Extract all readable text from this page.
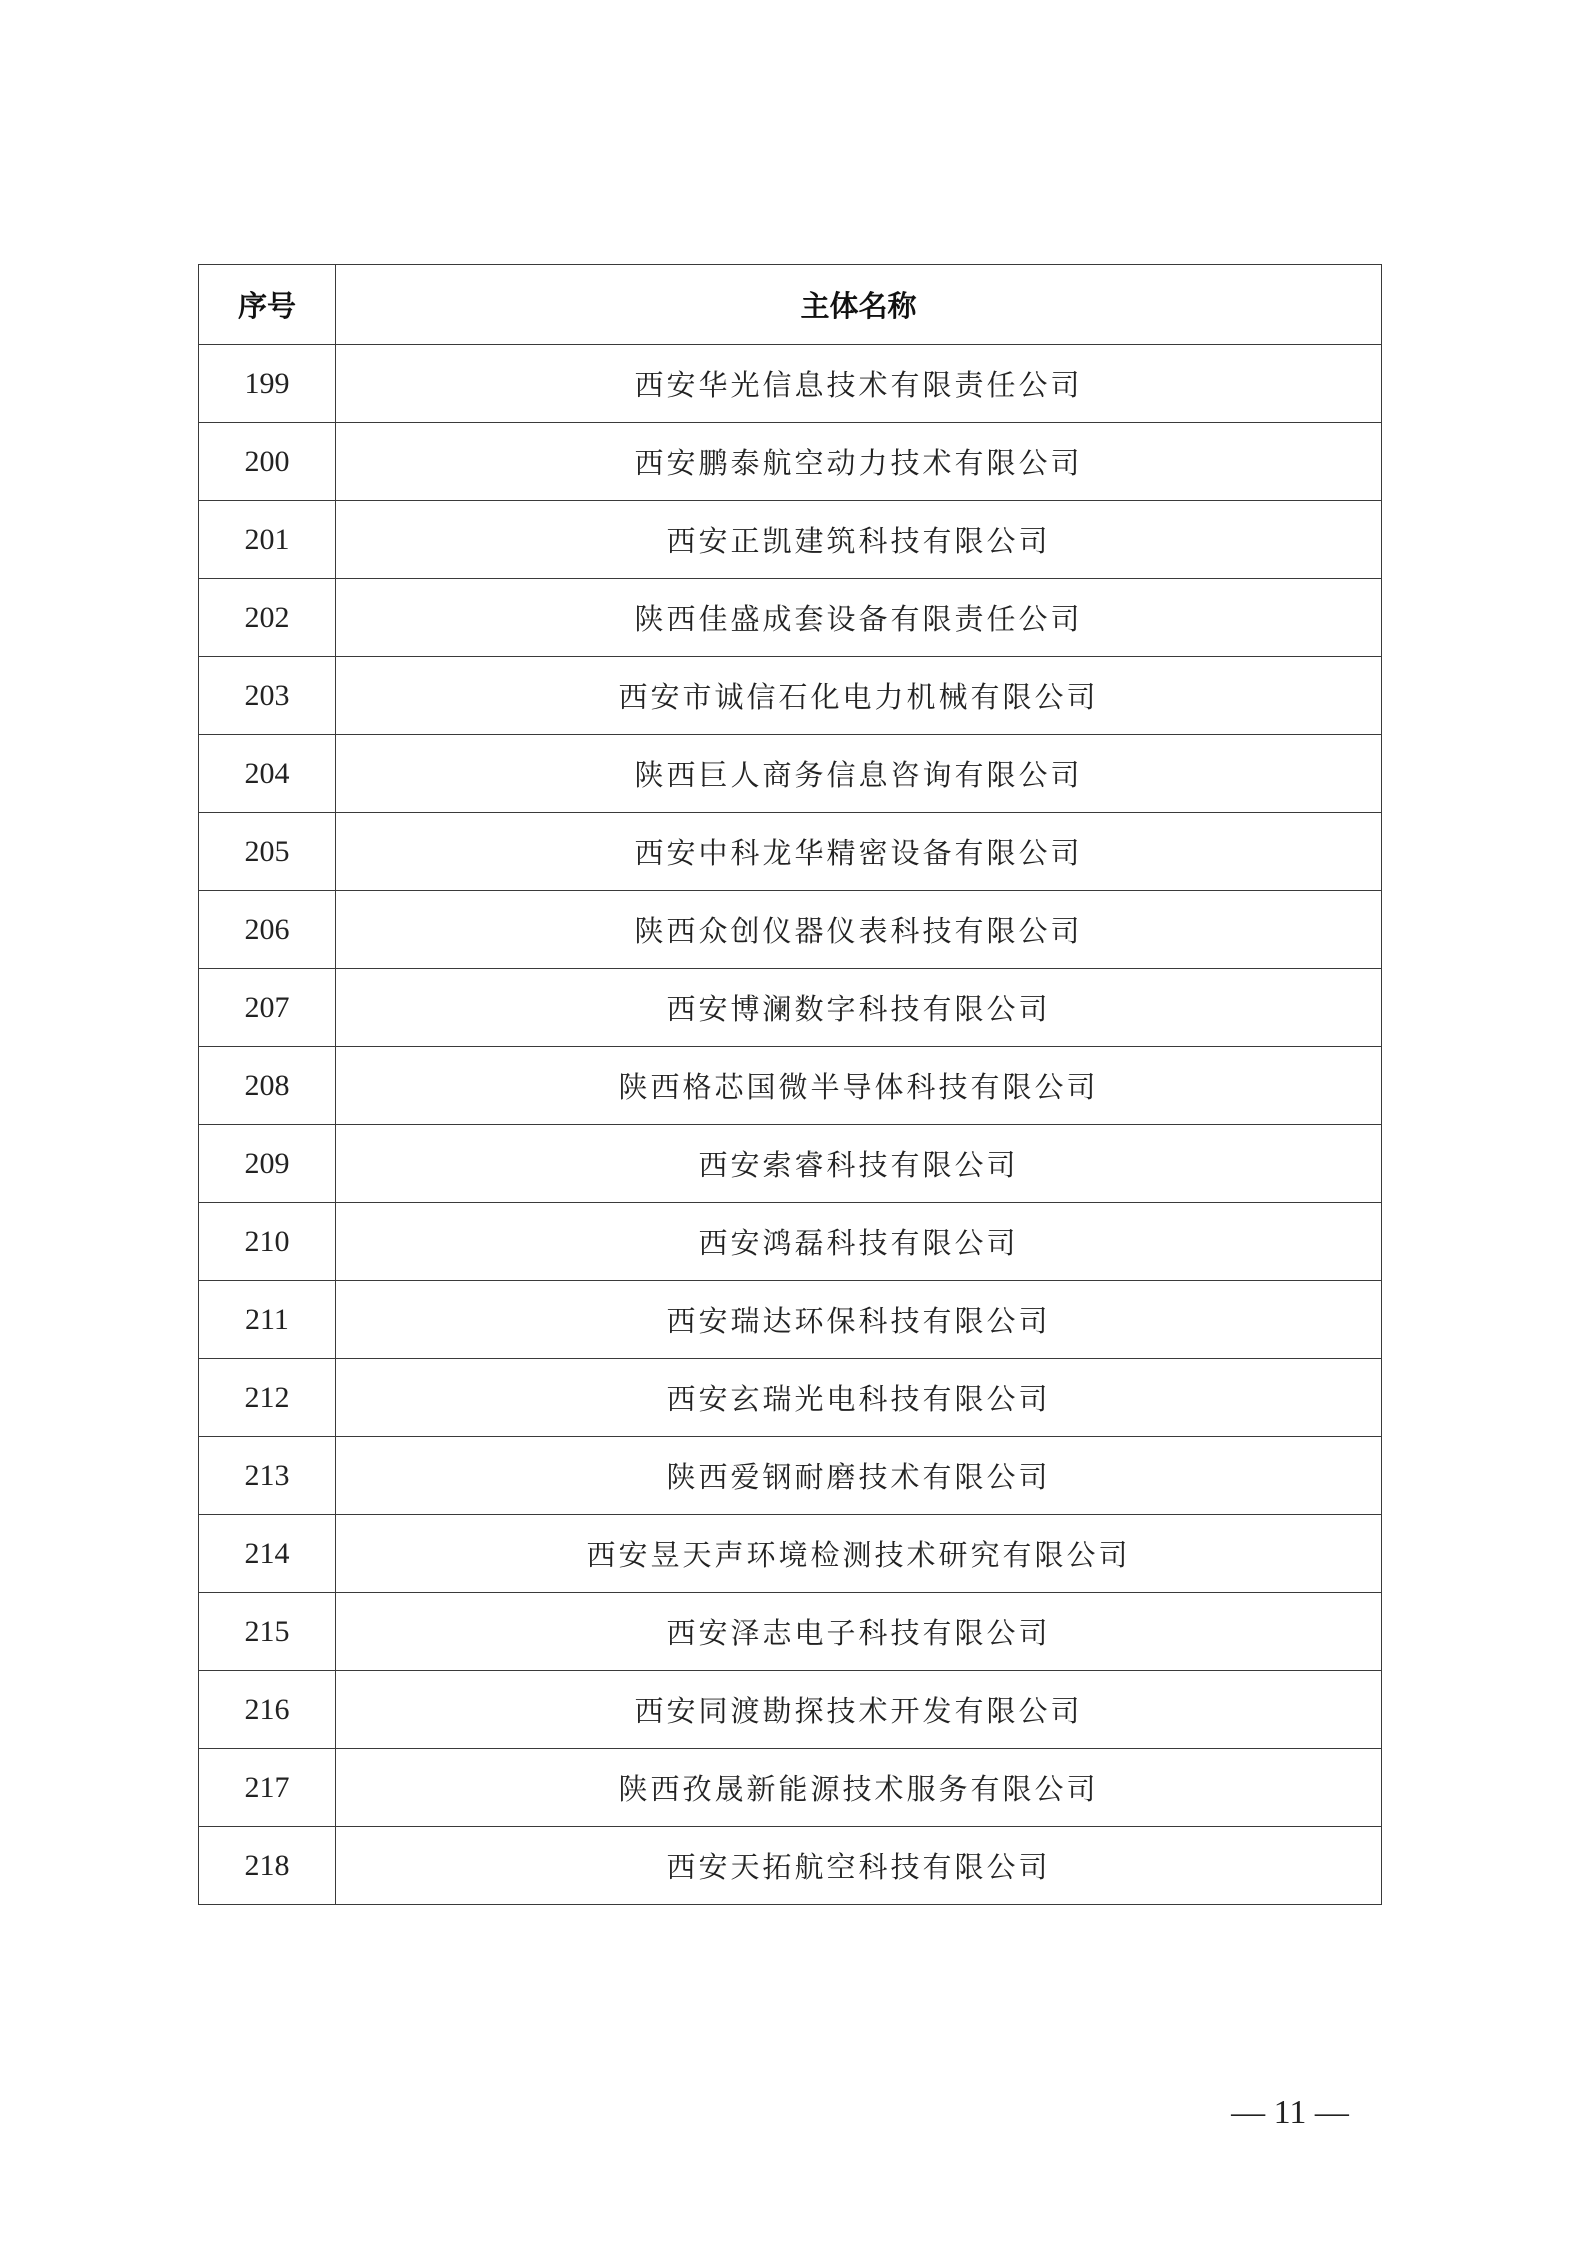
序号	主体名称
199	西安华光信息技术有限责任公司
200	西安鹏泰航空动力技术有限公司
201	西安正凯建筑科技有限公司
202	陕西佳盛成套设备有限责任公司
203	西安市诚信石化电力机械有限公司
204	陕西巨人商务信息咨询有限公司
205	西安中科龙华精密设备有限公司
206	陕西众创仪器仪表科技有限公司
207	西安博澜数字科技有限公司
208	陕西格芯国微半导体科技有限公司
209	西安索睿科技有限公司
210	西安鸿磊科技有限公司
211	西安瑞达环保科技有限公司
212	西安玄瑞光电科技有限公司
213	陕西爱钢耐磨技术有限公司
214	西安昱天声环境检测技术研究有限公司
215	西安泽志电子科技有限公司
216	西安同渡勘探技术开发有限公司
217	陕西孜晟新能源技术服务有限公司
218	西安天拓航空科技有限公司
— 11 —
